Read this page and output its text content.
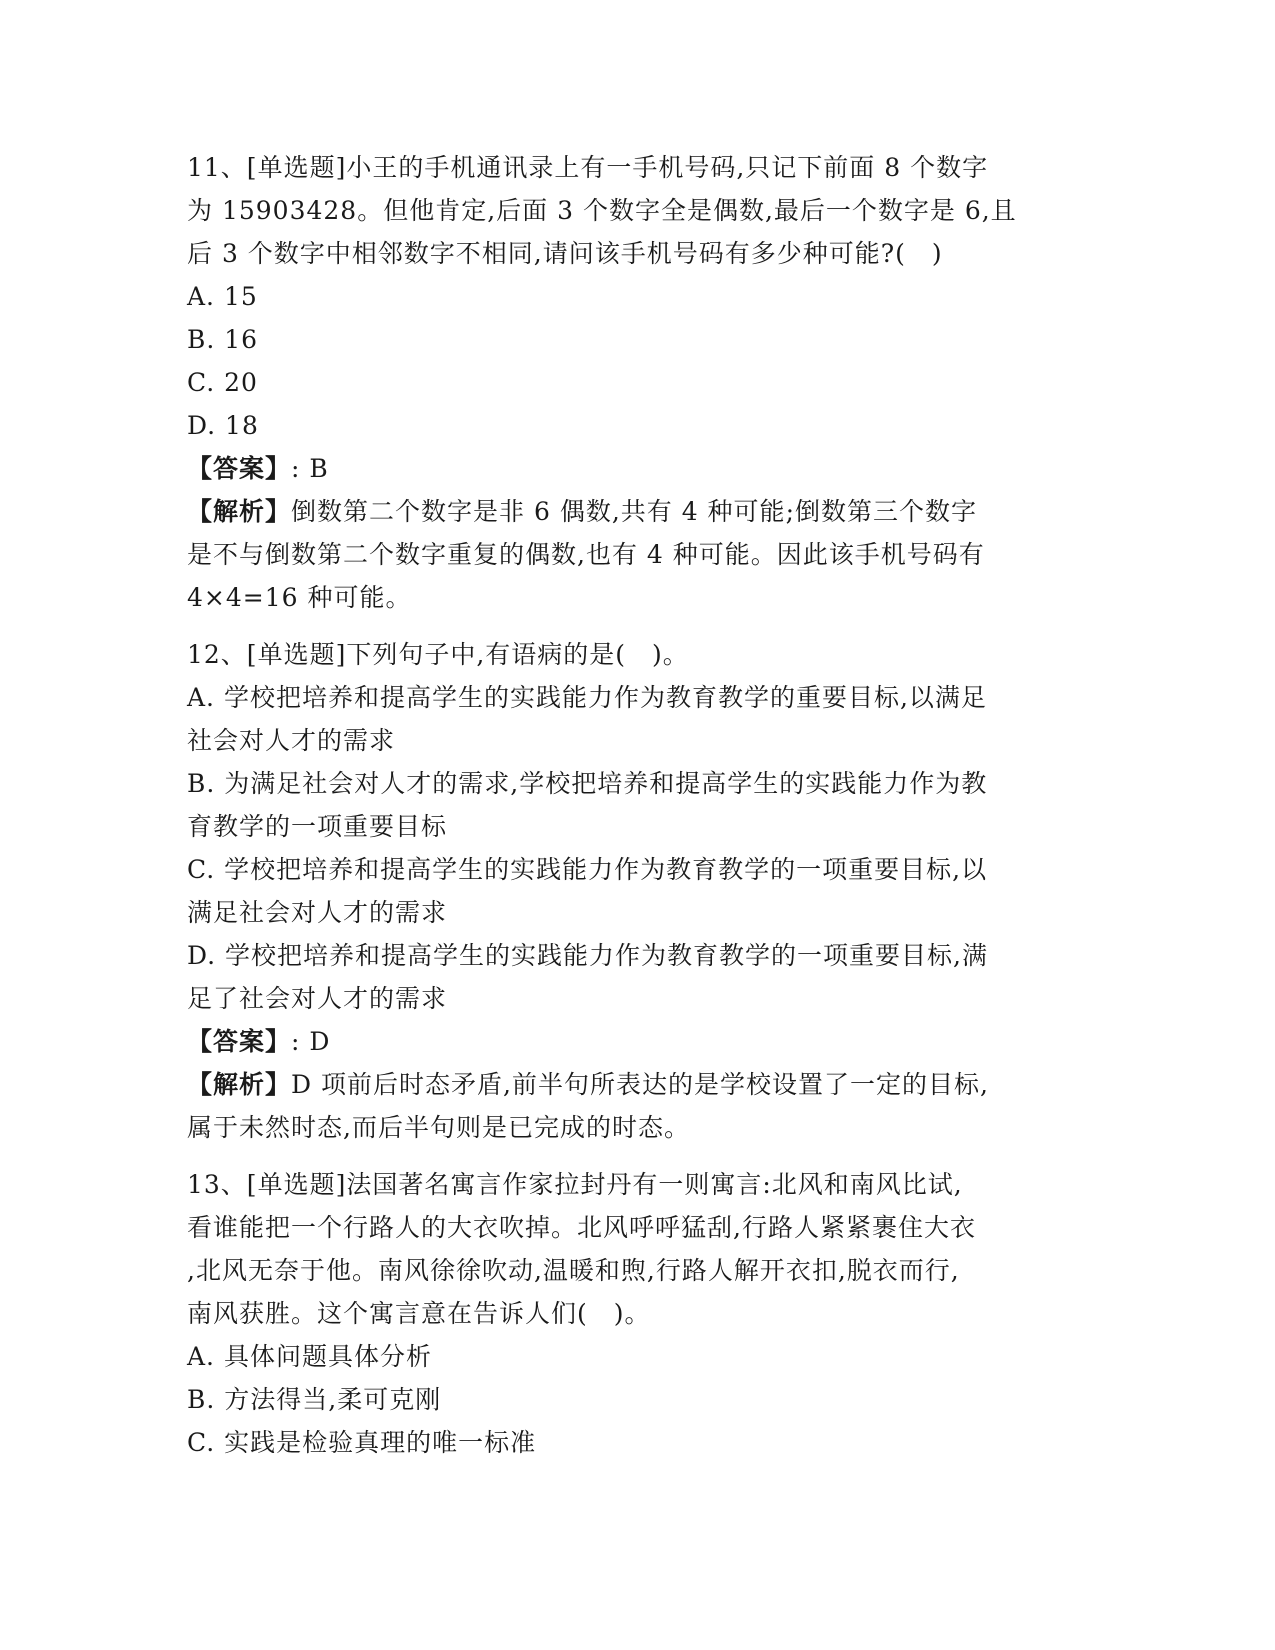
11、[单选题]小王的手机通讯录上有一手机号码,只记下前面 8 个数字
为 15903428。但他肯定,后面 3 个数字全是偶数,最后一个数字是 6,且
后 3 个数字中相邻数字不相同,请问该手机号码有多少种可能?(　)
A. 15
B. 16
C. 20
D. 18
【答案】: B
【解析】倒数第二个数字是非 6 偶数,共有 4 种可能;倒数第三个数字
是不与倒数第二个数字重复的偶数,也有 4 种可能。因此该手机号码有
4×4=16 种可能。
12、[单选题]下列句子中,有语病的是(　)。
A. 学校把培养和提高学生的实践能力作为教育教学的重要目标,以满足
社会对人才的需求
B. 为满足社会对人才的需求,学校把培养和提高学生的实践能力作为教
育教学的一项重要目标
C. 学校把培养和提高学生的实践能力作为教育教学的一项重要目标,以
满足社会对人才的需求
D. 学校把培养和提高学生的实践能力作为教育教学的一项重要目标,满
足了社会对人才的需求
【答案】: D
【解析】D 项前后时态矛盾,前半句所表达的是学校设置了一定的目标,
属于未然时态,而后半句则是已完成的时态。
13、[单选题]法国著名寓言作家拉封丹有一则寓言:北风和南风比试,
看谁能把一个行路人的大衣吹掉。北风呼呼猛刮,行路人紧紧裹住大衣
,北风无奈于他。南风徐徐吹动,温暖和煦,行路人解开衣扣,脱衣而行,
南风获胜。这个寓言意在告诉人们(　)。
A. 具体问题具体分析
B. 方法得当,柔可克刚
C. 实践是检验真理的唯一标准
